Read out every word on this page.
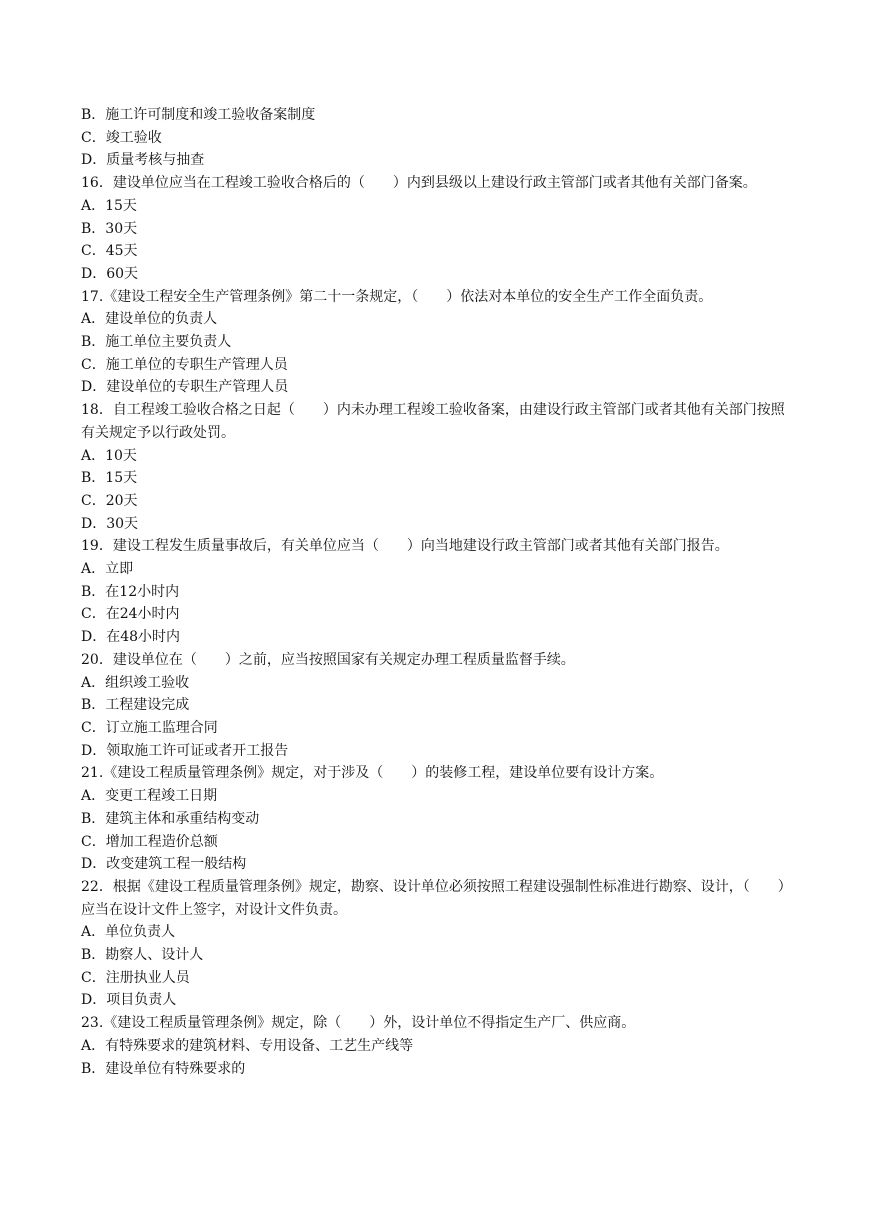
B．施工许可制度和竣工验收备案制度

C．竣工验收

D．质量考核与抽查

16．建设单位应当在工程竣工验收合格后的（　　）内到县级以上建设行政主管部门或者其他有关部门备案。

A．15天

B．30天

C．45天

D．60天

17.《建设工程安全生产管理条例》第二十一条规定，（　　）依法对本单位的安全生产工作全面负责。

A．建设单位的负责人

B．施工单位主要负责人

C．施工单位的专职生产管理人员

D．建设单位的专职生产管理人员

18．自工程竣工验收合格之日起（　　）内未办理工程竣工验收备案，由建设行政主管部门或者其他有关部门按照有关规定予以行政处罚。

A．10天

B．15天

C．20天

D．30天

19．建设工程发生质量事故后，有关单位应当（　　）向当地建设行政主管部门或者其他有关部门报告。

A．立即

B．在12小时内

C．在24小时内

D．在48小时内

20．建设单位在（　　）之前，应当按照国家有关规定办理工程质量监督手续。

A．组织竣工验收

B．工程建设完成

C．订立施工监理合同

D．领取施工许可证或者开工报告

21.《建设工程质量管理条例》规定，对于涉及（　　）的装修工程，建设单位要有设计方案。

A．变更工程竣工日期

B．建筑主体和承重结构变动

C．增加工程造价总额

D．改变建筑工程一般结构

22．根据《建设工程质量管理条例》规定，勘察、设计单位必须按照工程建设强制性标准进行勘察、设计，（　　）应当在设计文件上签字，对设计文件负责。

A．单位负责人

B．勘察人、设计人

C．注册执业人员

D．项目负责人

23.《建设工程质量管理条例》规定，除（　　）外，设计单位不得指定生产厂、供应商。

A．有特殊要求的建筑材料、专用设备、工艺生产线等

B．建设单位有特殊要求的
